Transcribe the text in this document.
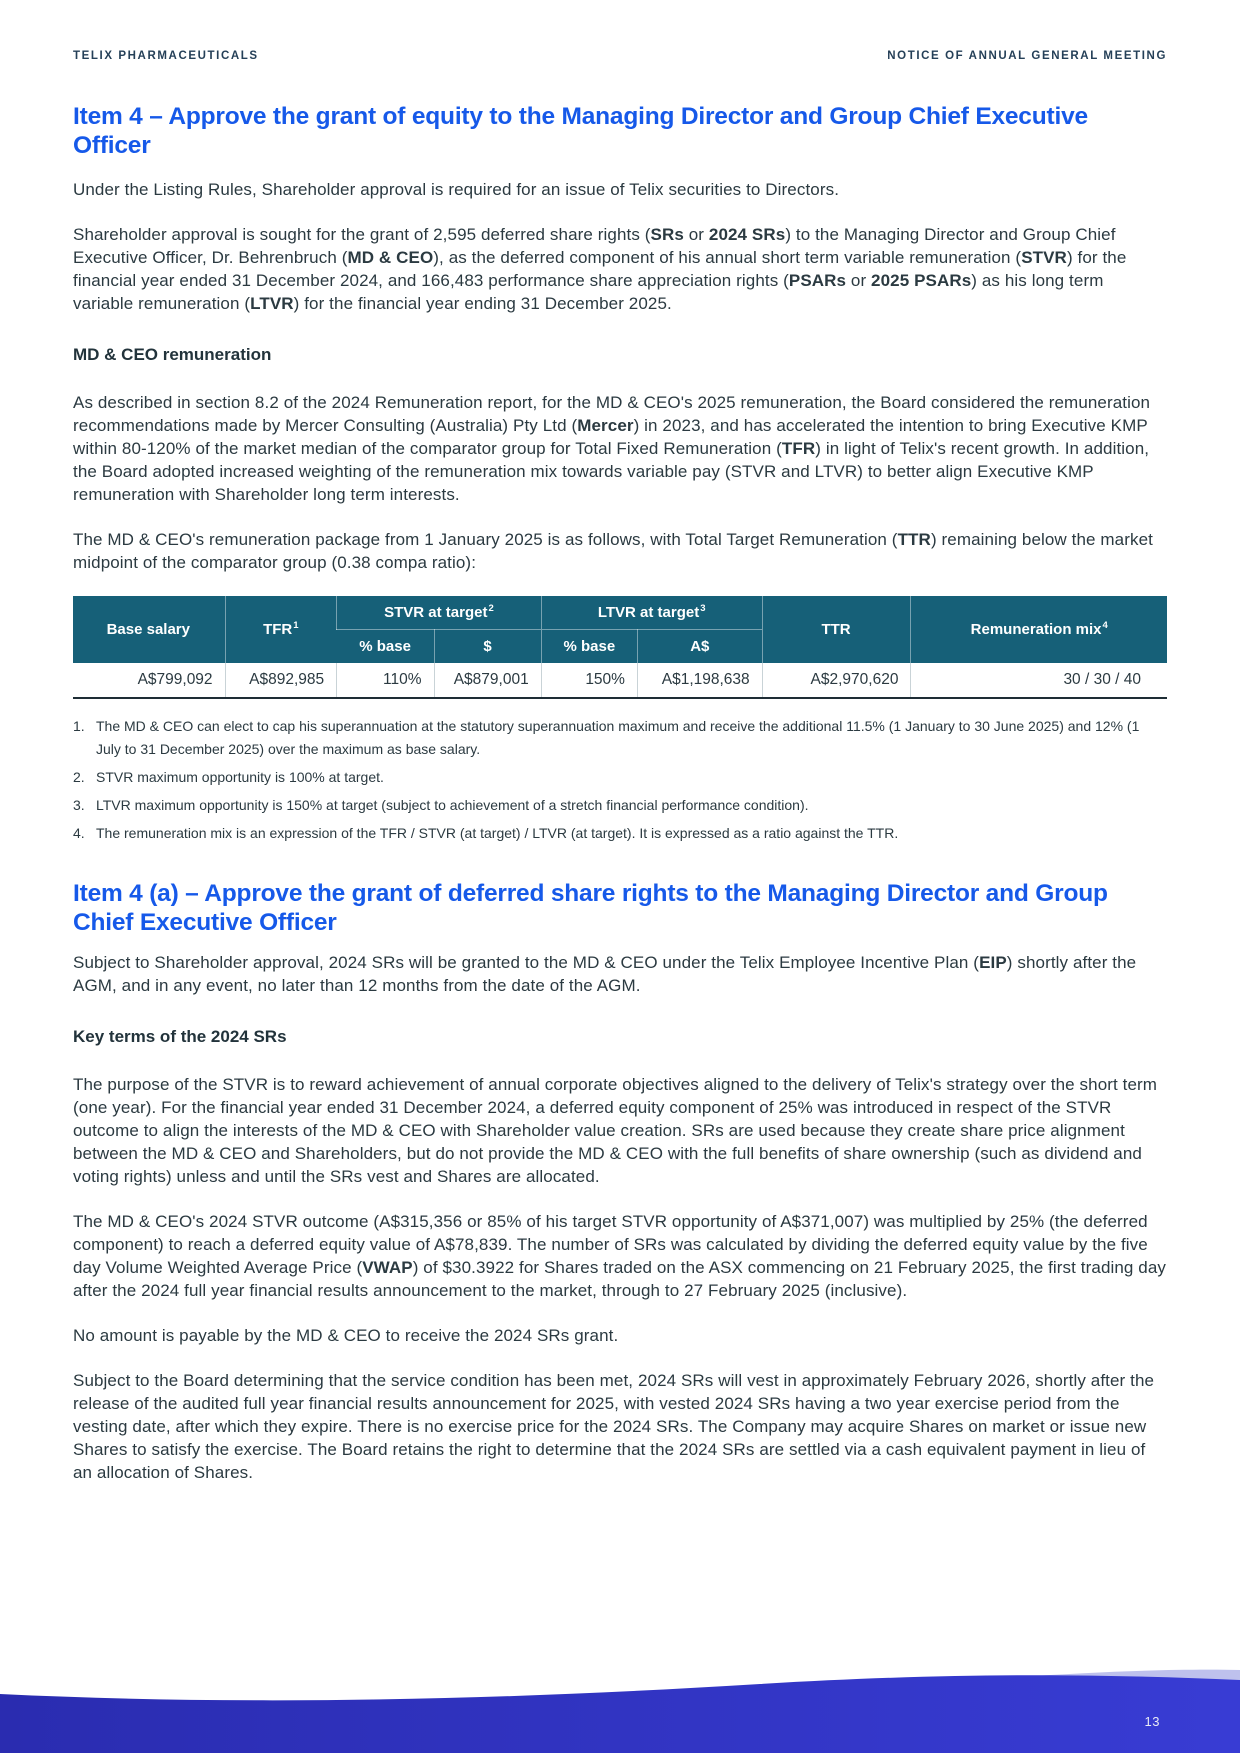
TELIX PHARMACEUTICALS	NOTICE OF ANNUAL GENERAL MEETING
Item 4 – Approve the grant of equity to the Managing Director and Group Chief Executive Officer

Under the Listing Rules, Shareholder approval is required for an issue of Telix securities to Directors.

Shareholder approval is sought for the grant of 2,595 deferred share rights (SRs or 2024 SRs) to the Managing Director and Group Chief Executive Officer, Dr. Behrenbruch (MD & CEO), as the deferred component of his annual short term variable remuneration (STVR) for the financial year ended 31 December 2024, and 166,483 performance share appreciation rights (PSARs or 2025 PSARs) as his long term variable remuneration (LTVR) for the financial year ending 31 December 2025.

MD & CEO remuneration

As described in section 8.2 of the 2024 Remuneration report, for the MD & CEO's 2025 remuneration, the Board considered the remuneration recommendations made by Mercer Consulting (Australia) Pty Ltd (Mercer) in 2023, and has accelerated the intention to bring Executive KMP within 80-120% of the market median of the comparator group for Total Fixed Remuneration (TFR) in light of Telix's recent growth. In addition, the Board adopted increased weighting of the remuneration mix towards variable pay (STVR and LTVR) to better align Executive KMP remuneration with Shareholder long term interests.

The MD & CEO's remuneration package from 1 January 2025 is as follows, with Total Target Remuneration (TTR) remaining below the market midpoint of the comparator group (0.38 compa ratio):

Base salary	TFR$^1$	STVR at target$^2$		LTVR at target$^3$		TTR	Remuneration mix$^4$
		% base	$	% base	A$		
A$799,092	A$892,985	110%	A$879,001	150%	A$1,198,638	A$2,970,620	30 / 30 / 40
1. The MD & CEO can elect to cap his superannuation at the statutory superannuation maximum and receive the additional 11.5% (1 January to 30 June 2025) and 12% (1 July to 31 December 2025) over the maximum as base salary.
2. STVR maximum opportunity is 100% at target.
3. LTVR maximum opportunity is 150% at target (subject to achievement of a stretch financial performance condition).
4. The remuneration mix is an expression of the TFR / STVR (at target) / LTVR (at target). It is expressed as a ratio against the TTR.
Item 4 (a) – Approve the grant of deferred share rights to the Managing Director and Group Chief Executive Officer

Subject to Shareholder approval, 2024 SRs will be granted to the MD & CEO under the Telix Employee Incentive Plan (EIP) shortly after the AGM, and in any event, no later than 12 months from the date of the AGM.

Key terms of the 2024 SRs

The purpose of the STVR is to reward achievement of annual corporate objectives aligned to the delivery of Telix's strategy over the short term (one year). For the financial year ended 31 December 2024, a deferred equity component of 25% was introduced in respect of the STVR outcome to align the interests of the MD & CEO with Shareholder value creation. SRs are used because they create share price alignment between the MD & CEO and Shareholders, but do not provide the MD & CEO with the full benefits of share ownership (such as dividend and voting rights) unless and until the SRs vest and Shares are allocated.

The MD & CEO's 2024 STVR outcome (A$315,356 or 85% of his target STVR opportunity of A$371,007) was multiplied by 25% (the deferred component) to reach a deferred equity value of A$78,839. The number of SRs was calculated by dividing the deferred equity value by the five day Volume Weighted Average Price (VWAP) of $30.3922 for Shares traded on the ASX commencing on 21 February 2025, the first trading day after the 2024 full year financial results announcement to the market, through to 27 February 2025 (inclusive).

No amount is payable by the MD & CEO to receive the 2024 SRs grant.

Subject to the Board determining that the service condition has been met, 2024 SRs will vest in approximately February 2026, shortly after the release of the audited full year financial results announcement for 2025, with vested 2024 SRs having a two year exercise period from the vesting date, after which they expire. There is no exercise price for the 2024 SRs. The Company may acquire Shares on market or issue new Shares to satisfy the exercise. The Board retains the right to determine that the 2024 SRs are settled via a cash equivalent payment in lieu of an allocation of Shares.

13
